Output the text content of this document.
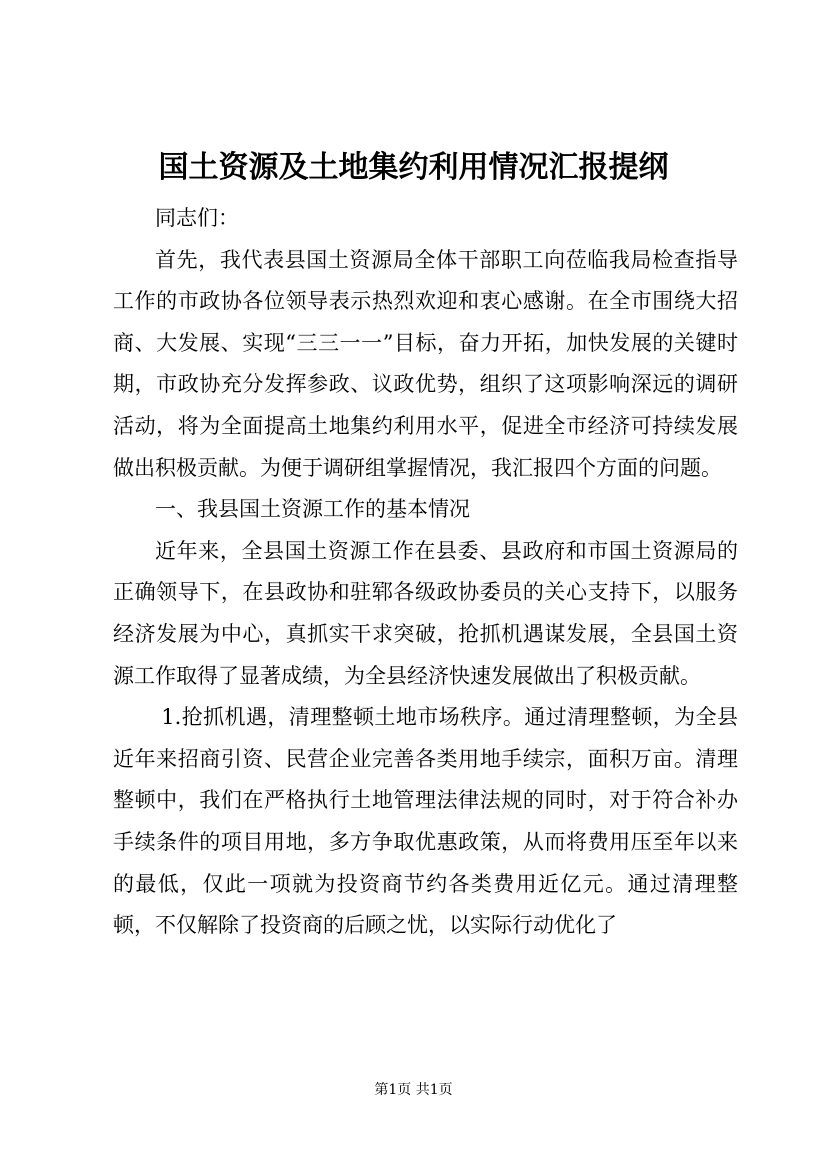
国土资源及土地集约利用情况汇报提纲

同志们：

首先，我代表县国土资源局全体干部职工向莅临我局检查指导工作的市政协各位领导表示热烈欢迎和衷心感谢。在全市围绕大招商、大发展、实现“三三一一”目标，奋力开拓，加快发展的关键时期，市政协充分发挥参政、议政优势，组织了这项影响深远的调研活动，将为全面提高土地集约利用水平，促进全市经济可持续发展做出积极贡献。为便于调研组掌握情况，我汇报四个方面的问题。

一、我县国土资源工作的基本情况

近年来，全县国土资源工作在县委、县政府和市国土资源局的正确领导下，在县政协和驻郓各级政协委员的关心支持下，以服务经济发展为中心，真抓实干求突破，抢抓机遇谋发展，全县国土资源工作取得了显著成绩，为全县经济快速发展做出了积极贡献。

1.抢抓机遇，清理整顿土地市场秩序。通过清理整顿，为全县近年来招商引资、民营企业完善各类用地手续宗，面积万亩。清理整顿中，我们在严格执行土地管理法律法规的同时，对于符合补办手续条件的项目用地，多方争取优惠政策，从而将费用压至年以来的最低，仅此一项就为投资商节约各类费用近亿元。通过清理整顿，不仅解除了投资商的后顾之忧，以实际行动优化了

第1页 共1页
